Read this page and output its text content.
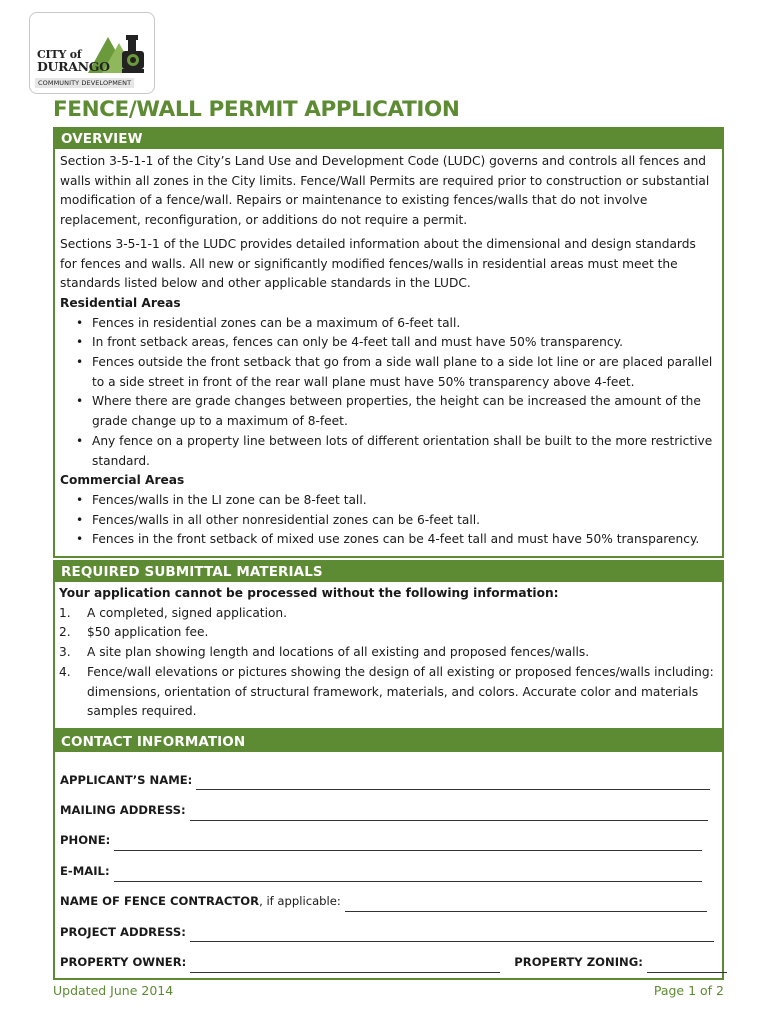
CITY of
DURANGO
COMMUNITY DEVELOPMENT
FENCE/WALL PERMIT APPLICATION
OVERVIEW

Section 3-5-1-1 of the City’s Land Use and Development Code (LUDC) governs and controls all fences and walls within all zones in the City limits. Fence/Wall Permits are required prior to construction or substantial modification of a fence/wall. Repairs or maintenance to existing fences/walls that do not involve replacement, reconfiguration, or additions do not require a permit.

Sections 3-5-1-1 of the LUDC provides detailed information about the dimensional and design standards for fences and walls. All new or significantly modified fences/walls in residential areas must meet the standards listed below and other applicable standards in the LUDC.

Residential Areas

• Fences in residential zones can be a maximum of 6-feet tall.
• In front setback areas, fences can only be 4-feet tall and must have 50% transparency.
• Fences outside the front setback that go from a side wall plane to a side lot line or are placed parallel to a side street in front of the rear wall plane must have 50% transparency above 4-feet.
• Where there are grade changes between properties, the height can be increased the amount of the grade change up to a maximum of 8-feet.
• Any fence on a property line between lots of different orientation shall be built to the more restrictive standard.

Commercial Areas

• Fences/walls in the LI zone can be 8-feet tall.
• Fences/walls in all other nonresidential zones can be 6-feet tall.
• Fences in the front setback of mixed use zones can be 4-feet tall and must have 50% transparency.
REQUIRED SUBMITTAL MATERIALS

Your application cannot be processed without the following information:

1. A completed, signed application.
2. $50 application fee.
3. A site plan showing length and locations of all existing and proposed fences/walls.
4. Fence/wall elevations or pictures showing the design of all existing or proposed fences/walls including: dimensions, orientation of structural framework, materials, and colors. Accurate color and materials samples required.
CONTACT INFORMATION
APPLICANT’S NAME:
MAILING ADDRESS:
PHONE:
E-MAIL:
NAME OF FENCE CONTRACTOR, if applicable:
PROJECT ADDRESS:
PROPERTY OWNER:	PROPERTY ZONING:
Updated June 2014	Page 1 of 2
